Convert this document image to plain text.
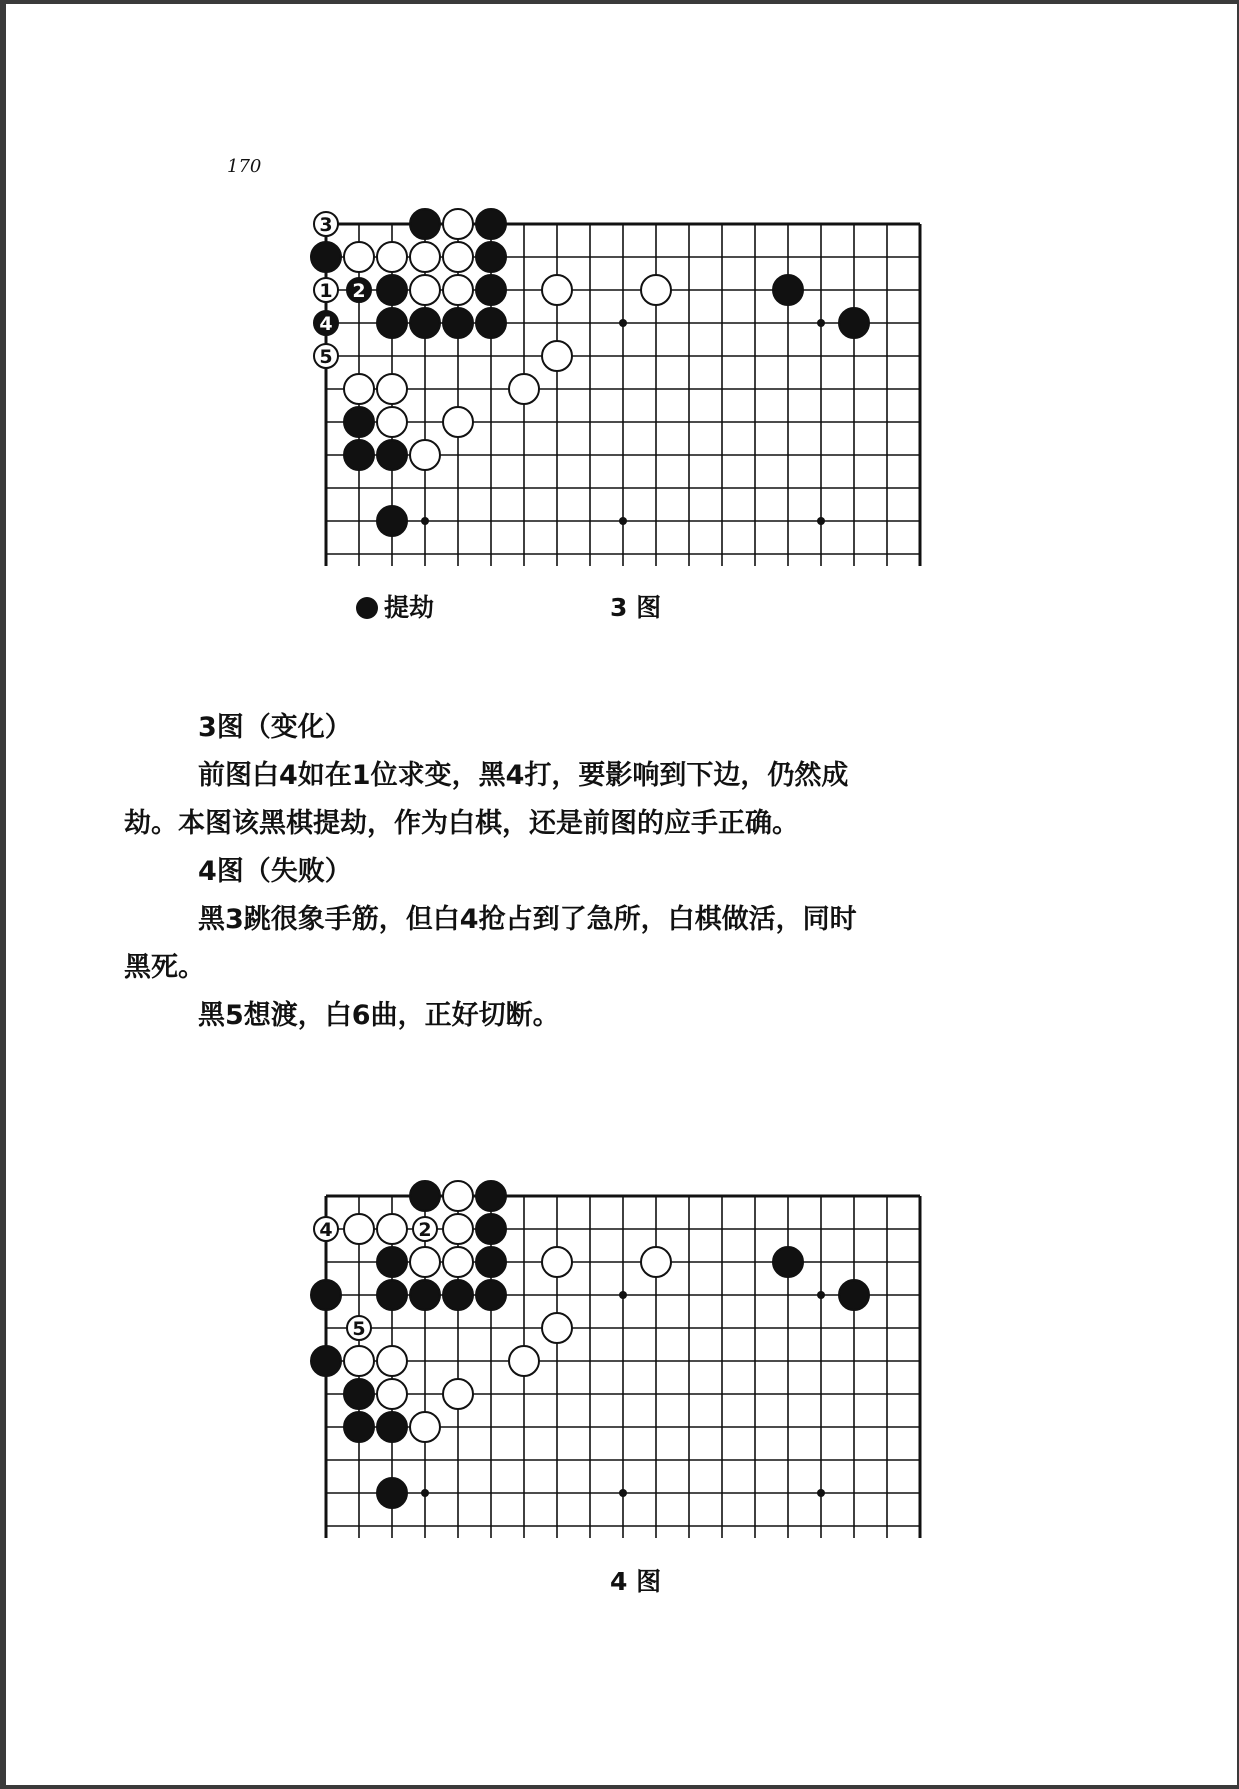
170
3
1 2
4
5
提劫	3 图

3图（变化）

前图白4如在1位求变，黑4打，要影响到下边，仍然成

劫。本图该黑棋提劫，作为白棋，还是前图的应手正确。

4图（失败）

黑3跳很象手筋，但白4抢占到了急所，白棋做活，同时

黑死。

黑5想渡，白6曲，正好切断。

4	2
5
4 图
